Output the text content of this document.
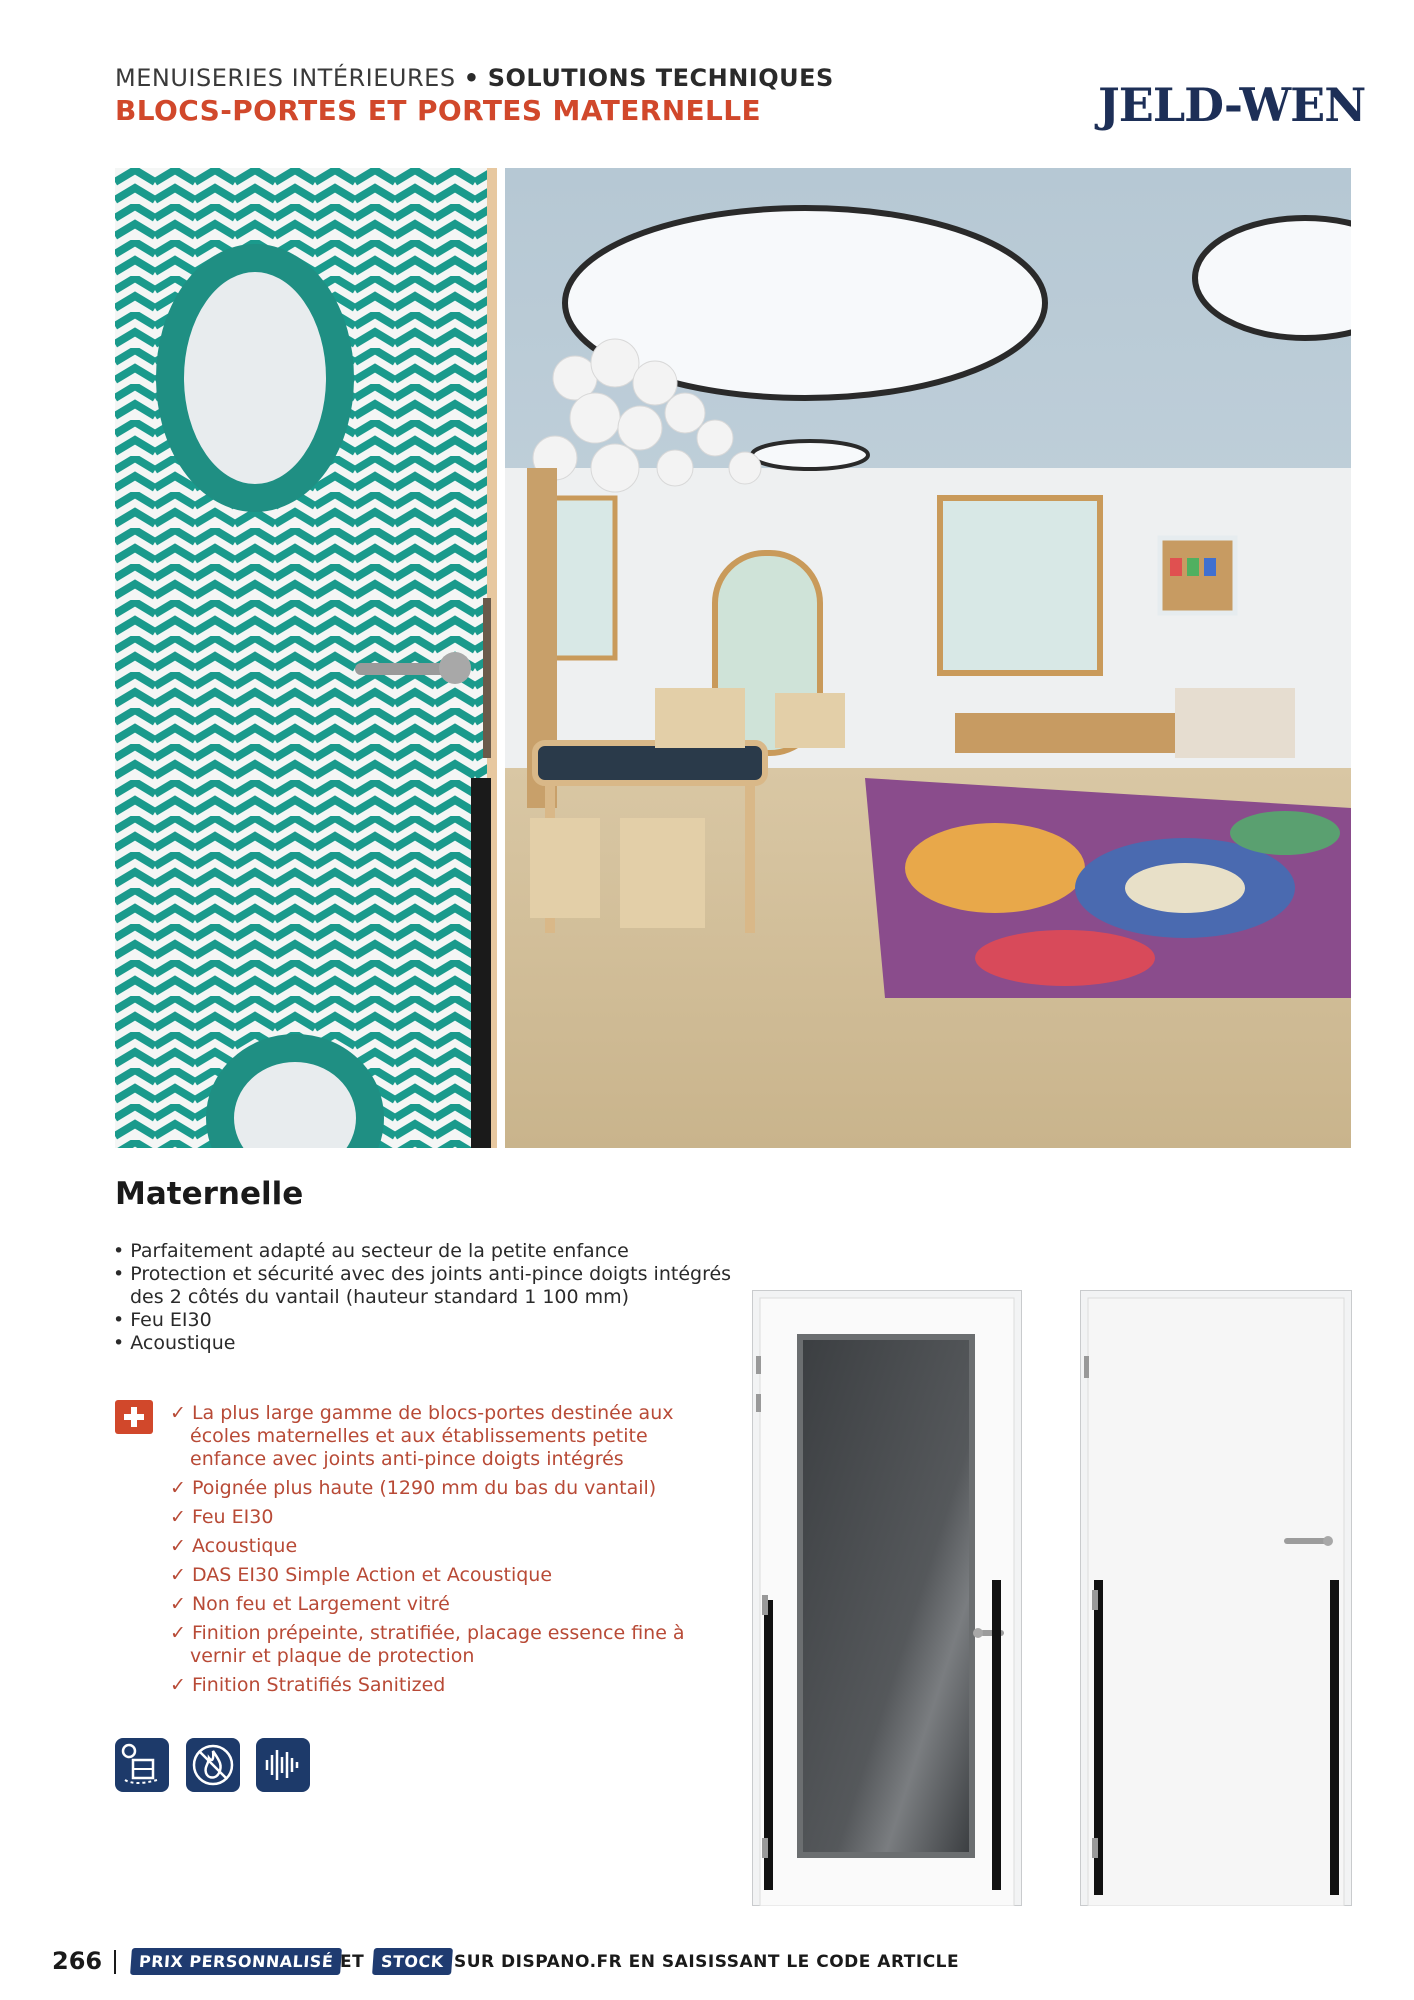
MENUISERIES INTÉRIEURES • SOLUTIONS TECHNIQUES
BLOCS-PORTES ET PORTES MATERNELLE	JELD-WEN
Maternelle
• Parfaitement adapté au secteur de la petite enfance
• Protection et sécurité avec des joints anti-pince doigts intégrés des 2 côtés du vantail (hauteur standard 1 100 mm)
• Feu EI30
• Acoustique
✓ La plus large gamme de blocs-portes destinée aux écoles maternelles et aux établissements petite enfance avec joints anti-pince doigts intégrés
✓ Poignée plus haute (1290 mm du bas du vantail)
✓ Feu EI30
✓ Acoustique
✓ DAS EI30 Simple Action et Acoustique
✓ Non feu et Largement vitré
✓ Finition prépeinte, stratifiée, placage essence fine à vernir et plaque de protection
✓ Finition Stratifiés Sanitized
266	PRIX PERSONNALISÉ ET	STOCK SUR DISPANO.FR EN SAISISSANT LE CODE ARTICLE
